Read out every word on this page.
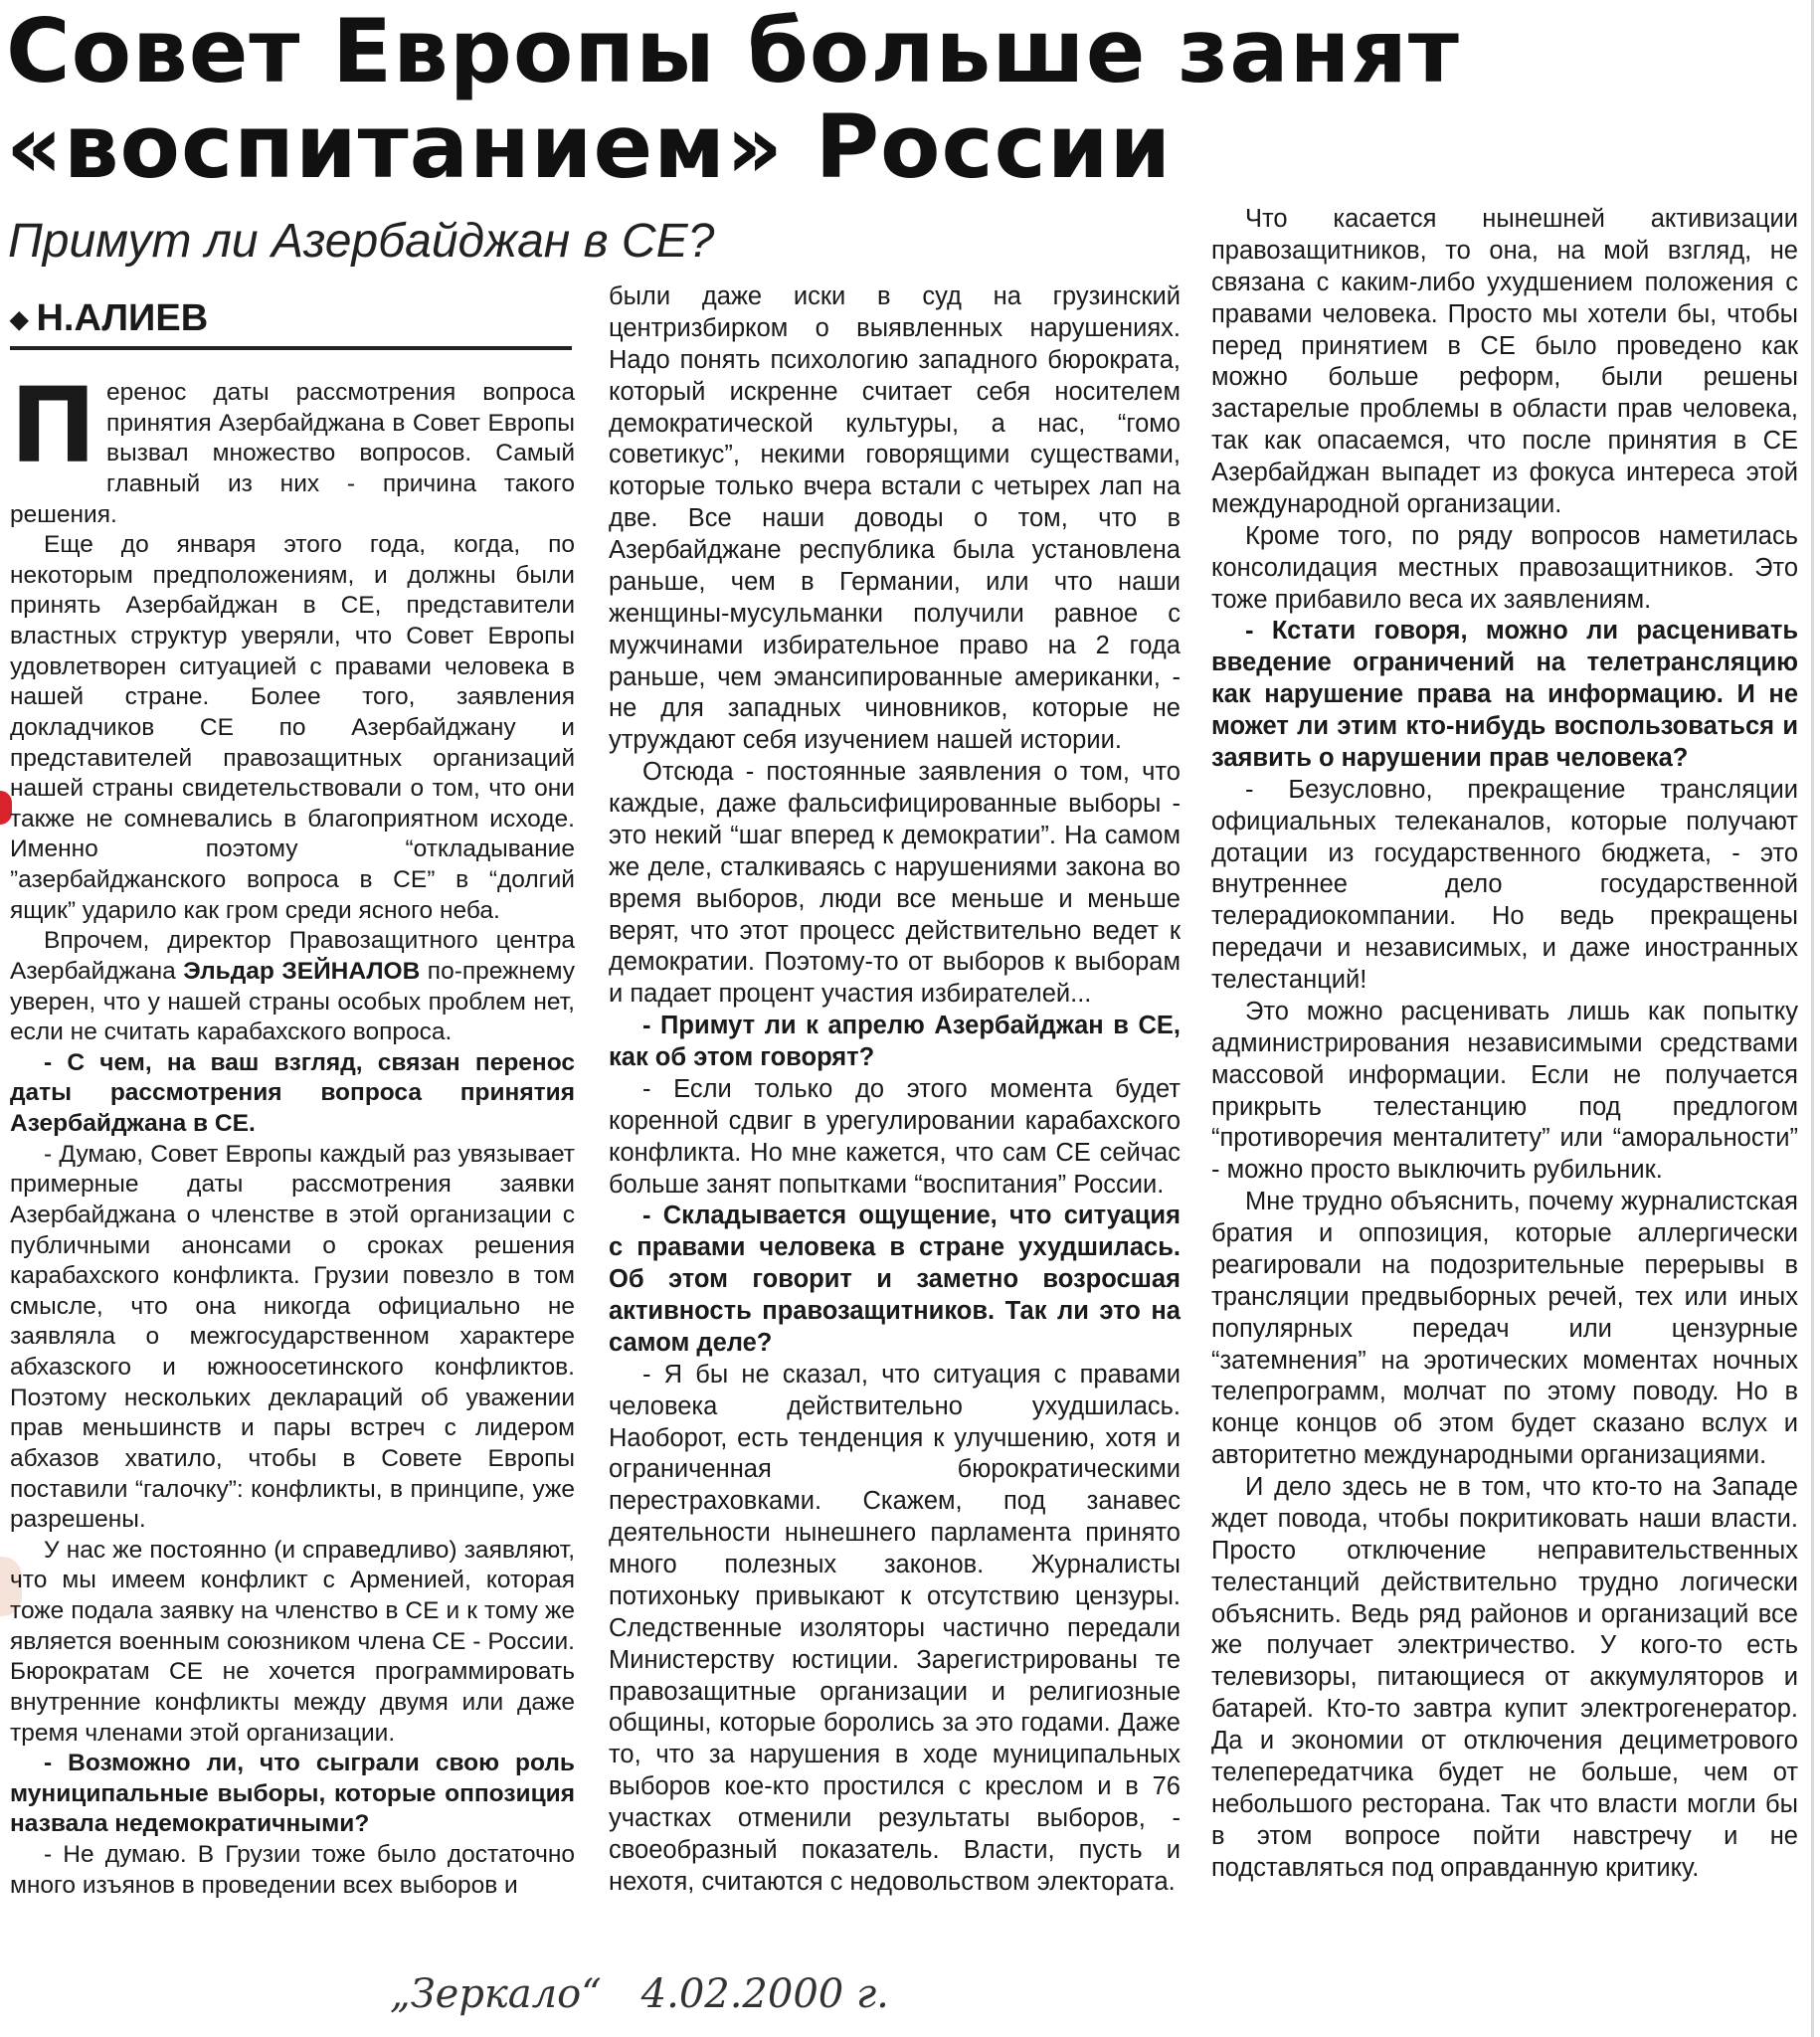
Совет Европы больше занят
«воспитанием» России
Примут ли Азербайджан в СЕ?
◆ Н.АЛИЕВ

Перенос даты рассмотрения вопроса принятия Азербайджана в Совет Европы вызвал множество вопросов. Самый главный из них - причина такого решения.

Еще до января этого года, когда, по некоторым предположениям, и должны были принять Азербайджан в СЕ, представители властных структур уверяли, что Совет Европы удовлетворен ситуацией с правами человека в нашей стране. Более того, заявления докладчиков СЕ по Азербайджану и представителей правозащитных организаций нашей страны свидетельствовали о том, что они также не сомневались в благоприятном исходе. Именно поэтому “откладывание ”азербайджанского вопроса в СЕ” в “долгий ящик” ударило как гром среди ясного неба.

Впрочем, директор Правозащитного центра Азербайджана Эльдар ЗЕЙНАЛОВ по-прежнему уверен, что у нашей страны особых проблем нет, если не считать карабахского вопроса.

- С чем, на ваш взгляд, связан перенос даты рассмотрения вопроса принятия Азербайджана в СЕ.

- Думаю, Совет Европы каждый раз увязывает примерные даты рассмотрения заявки Азербайджана о членстве в этой организации с публичными анонсами о сроках решения карабахского конфликта. Грузии повезло в том смысле, что она никогда официально не заявляла о межгосударственном характере абхазского и южноосетинского конфликтов. Поэтому нескольких деклараций об уважении прав меньшинств и пары встреч с лидером абхазов хватило, чтобы в Совете Европы поставили “галочку”: конфликты, в принципе, уже разрешены.

У нас же постоянно (и справедливо) заявляют, что мы имеем конфликт с Арменией, которая тоже подала заявку на членство в СЕ и к тому же является военным союзником члена СЕ - России. Бюрократам СЕ не хочется программировать внутренние конфликты между двумя или даже тремя членами этой организации.

- Возможно ли, что сыграли свою роль муниципальные выборы, которые оппозиция назвала недемократичными?

- Не думаю. В Грузии тоже было достаточно много изъянов в проведении всех выборов и

были даже иски в суд на грузинский центризбирком о выявленных нарушениях. Надо понять психологию западного бюрократа, который искренне считает себя носителем демократической культуры, а нас, “гомо советикус”, некими говорящими существами, которые только вчера встали с четырех лап на две. Все наши доводы о том, что в Азербайджане республика была установлена раньше, чем в Германии, или что наши женщины-мусульманки получили равное с мужчинами избирательное право на 2 года раньше, чем эмансипированные американки, - не для западных чиновников, которые не утруждают себя изучением нашей истории.

Отсюда - постоянные заявления о том, что каждые, даже фальсифицированные выборы - это некий “шаг вперед к демократии”. На самом же деле, сталкиваясь с нарушениями закона во время выборов, люди все меньше и меньше верят, что этот процесс действительно ведет к демократии. Поэтому-то от выборов к выборам и падает процент участия избирателей...

- Примут ли к апрелю Азербайджан в СЕ, как об этом говорят?

- Если только до этого момента будет коренной сдвиг в урегулировании карабахского конфликта. Но мне кажется, что сам СЕ сейчас больше занят попытками “воспитания” России.

- Складывается ощущение, что ситуация с правами человека в стране ухудшилась. Об этом говорит и заметно возросшая активность правозащитников. Так ли это на самом деле?

- Я бы не сказал, что ситуация с правами человека действительно ухудшилась. Наоборот, есть тенденция к улучшению, хотя и ограниченная бюрократическими перестраховками. Скажем, под занавес деятельности нынешнего парламента принято много полезных законов. Журналисты потихоньку привыкают к отсутствию цензуры. Следственные изоляторы частично передали Министерству юстиции. Зарегистрированы те правозащитные организации и религиозные общины, которые боролись за это годами. Даже то, что за нарушения в ходе муниципальных выборов кое-кто простился с креслом и в 76 участках отменили результаты выборов, - своеобразный показатель. Власти, пусть и нехотя, считаются с недовольством электората.

Что касается нынешней активизации правозащитников, то она, на мой взгляд, не связана с каким-либо ухудшением положения с правами человека. Просто мы хотели бы, чтобы перед принятием в СЕ было проведено как можно больше реформ, были решены застарелые проблемы в области прав человека, так как опасаемся, что после принятия в СЕ Азербайджан выпадет из фокуса интереса этой международной организации.

Кроме того, по ряду вопросов наметилась консолидация местных правозащитников. Это тоже прибавило веса их заявлениям.

- Кстати говоря, можно ли расценивать введение ограничений на телетрансляцию как нарушение права на информацию. И не может ли этим кто-нибудь воспользоваться и заявить о нарушении прав человека?

- Безусловно, прекращение трансляции официальных телеканалов, которые получают дотации из государственного бюджета, - это внутреннее дело государственной телерадиокомпании. Но ведь прекращены передачи и независимых, и даже иностранных телестанций!

Это можно расценивать лишь как попытку администрирования независимыми средствами массовой информации. Если не получается прикрыть телестанцию под предлогом “противоречия менталитету” или “аморальности” - можно просто выключить рубильник.

Мне трудно объяснить, почему журналистская братия и оппозиция, которые аллергически реагировали на подозрительные перерывы в трансляции предвыборных речей, тех или иных популярных передач или цензурные “затемнения” на эротических моментах ночных телепрограмм, молчат по этому поводу. Но в конце концов об этом будет сказано вслух и авторитетно международными организациями.

И дело здесь не в том, что кто-то на Западе ждет повода, чтобы покритиковать наши власти. Просто отключение неправительственных телестанций действительно трудно логически объяснить. Ведь ряд районов и организаций все же получает электричество. У кого-то есть телевизоры, питающиеся от аккумуляторов и батарей. Кто-то завтра купит электрогенератор. Да и экономии от отключения дециметрового телепередатчика будет не больше, чем от небольшого ресторана. Так что власти могли бы в этом вопросе пойти навстречу и не подставляться под оправданную критику.

„Зеркало“ 4.02.2000 г.
